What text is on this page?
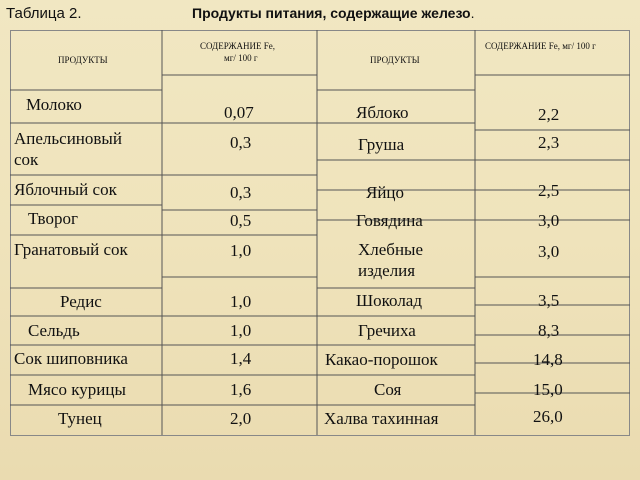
Таблица 2.	Продукты питания, содержащие железо.
ПРОДУКТЫ
СОДЕРЖАНИЕ Fe,
мг/ 100 г	ПРОДУКТЫ
СОДЕРЖАНИЕ Fe, мг/ 100 г
Молоко
Апельсиновый
сок
Яблочный сок
Творог
Гранатовый сок
Редис
Сельдь
Сок шиповника
Мясо курицы
Тунец
0,07
0,3
0,3
0,5
1,0
1,0
1,0
1,4
1,6
2,0
Яблоко
Груша
Яйцо
Говядина
Хлебные
изделия
Шоколад
Гречиха
Какао-порошок
Соя
Халва тахинная
2,2
2,3
2,5
3,0
3,0
3,5
8,3
14,8
15,0
26,0
